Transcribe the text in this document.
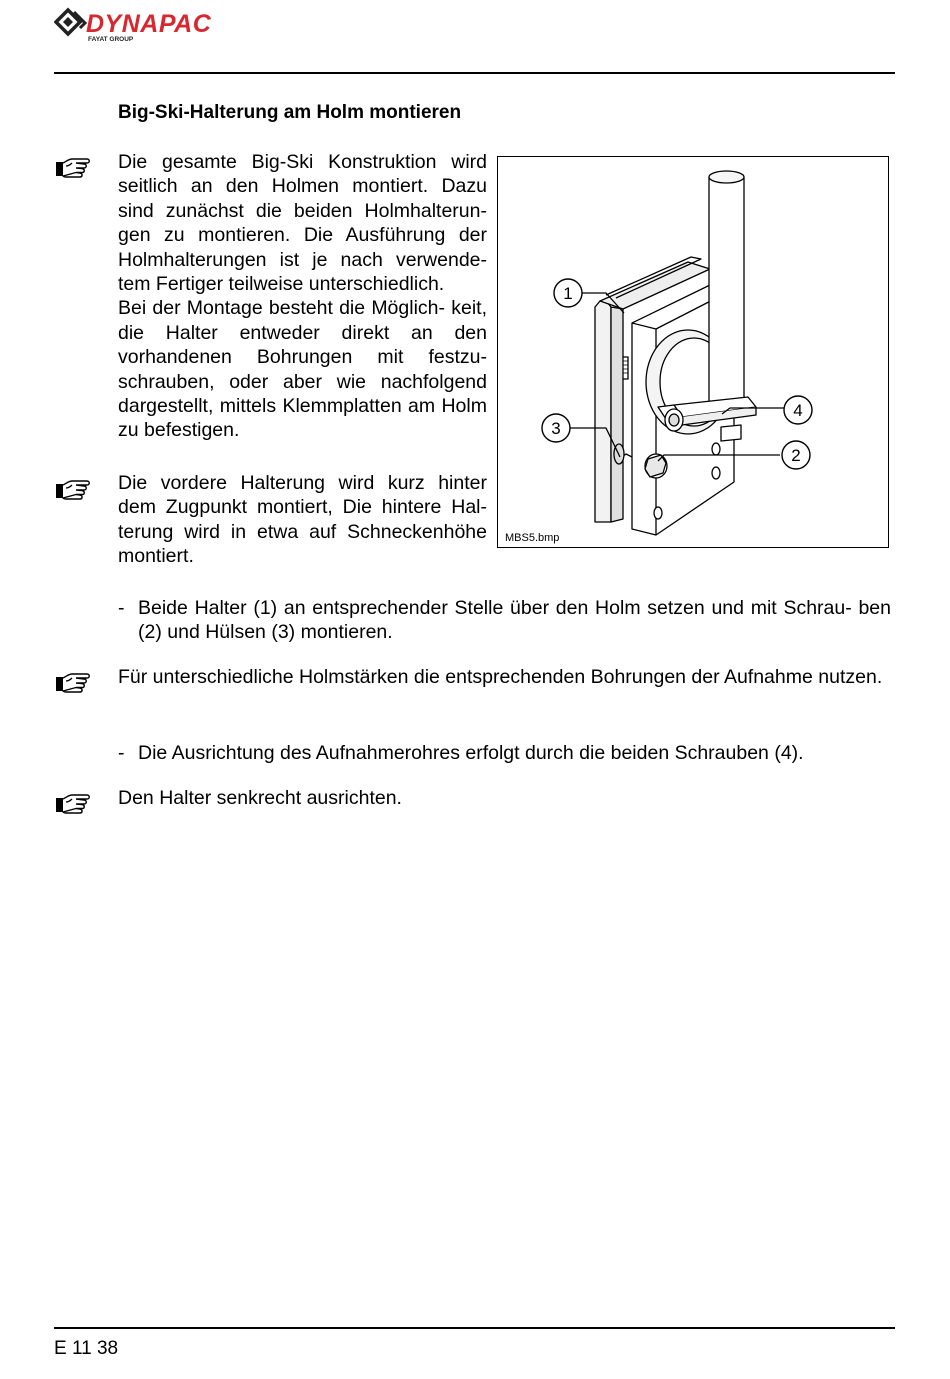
DYNAPAC
FAYAT GROUP
Big-Ski-Halterung am Holm montieren

Die gesamte Big-Ski Konstruktion wird seitlich an den Holmen montiert. Dazu sind zunächst die beiden Holmhalterun- gen zu montieren. Die Ausführung der Holmhalterungen ist je nach verwende- tem Fertiger teilweise unterschiedlich.
Bei der Montage besteht die Möglich- keit, die Halter entweder direkt an den vorhandenen Bohrungen mit festzu- schrauben, oder aber wie nachfolgend dargestellt, mittels Klemmplatten am Holm zu befestigen.

Die vordere Halterung wird kurz hinter dem Zugpunkt montiert, Die hintere Hal- terung wird in etwa auf Schneckenhöhe montiert.

1
2
3
4
MBS5.bmp
- Beide Halter (1) an entsprechender Stelle über den Holm setzen und mit Schrau- ben (2) und Hülsen (3) montieren.

Für unterschiedliche Holmstärken die entsprechenden Bohrungen der Aufnahme nutzen.

- Die Ausrichtung des Aufnahmerohres erfolgt durch die beiden Schrauben (4).

Den Halter senkrecht ausrichten.

E 11 38
